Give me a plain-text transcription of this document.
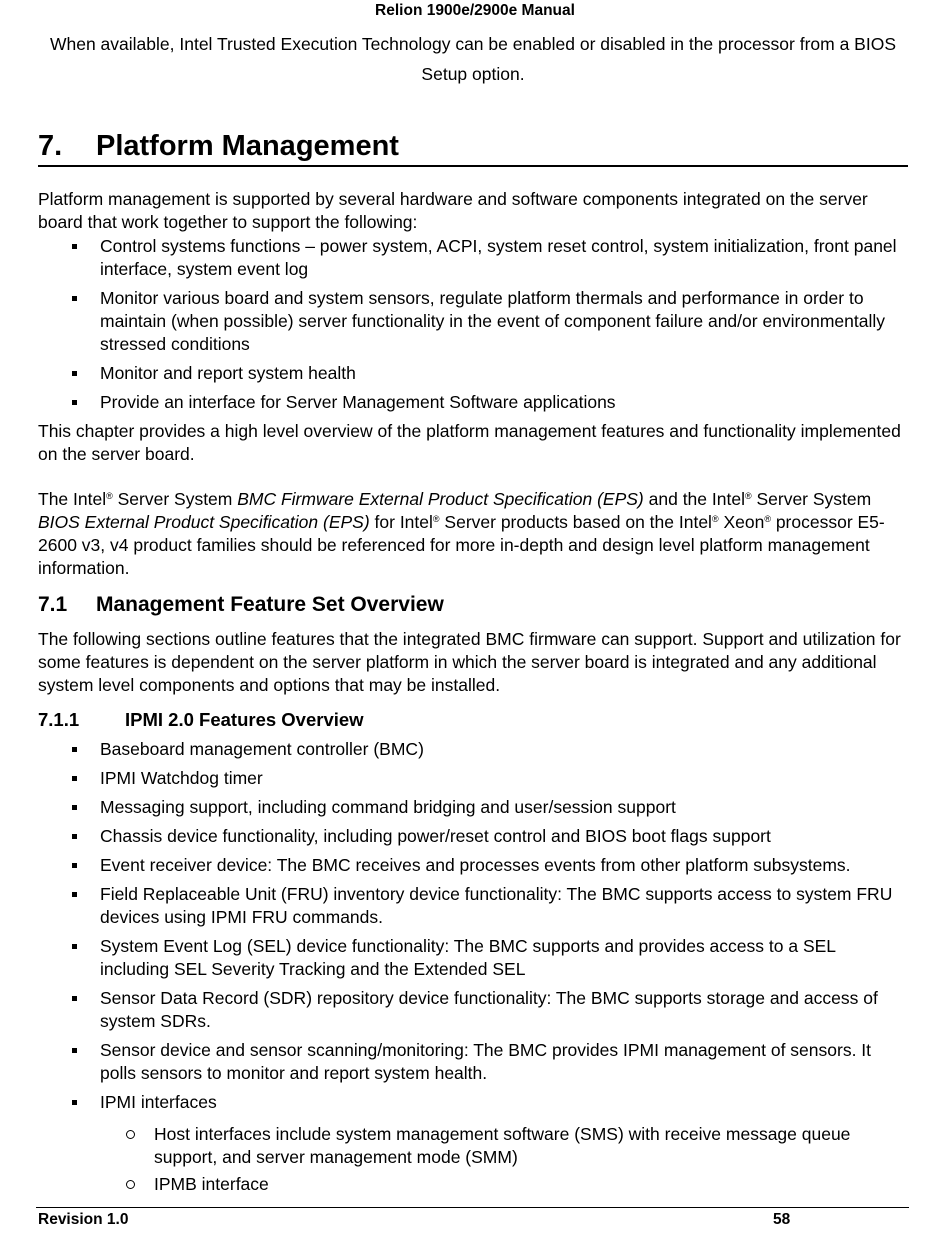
Relion 1900e/2900e Manual
When available, Intel Trusted Execution Technology can be enabled or disabled in the processor from a BIOS Setup option.
7. Platform Management

Platform management is supported by several hardware and software components integrated on the server board that work together to support the following:

Control systems functions – power system, ACPI, system reset control, system initialization, front panel interface, system event log
Monitor various board and system sensors, regulate platform thermals and performance in order to maintain (when possible) server functionality in the event of component failure and/or environmentally stressed conditions
Monitor and report system health
Provide an interface for Server Management Software applications

This chapter provides a high level overview of the platform management features and functionality implemented on the server board.

The Intel® Server System BMC Firmware External Product Specification (EPS) and the Intel® Server System BIOS External Product Specification (EPS) for Intel® Server products based on the Intel® Xeon® processor E5-2600 v3, v4 product families should be referenced for more in-depth and design level platform management information.

7.1 Management Feature Set Overview

The following sections outline features that the integrated BMC firmware can support. Support and utilization for some features is dependent on the server platform in which the server board is integrated and any additional system level components and options that may be installed.

7.1.1 IPMI 2.0 Features Overview
Baseboard management controller (BMC)
IPMI Watchdog timer
Messaging support, including command bridging and user/session support
Chassis device functionality, including power/reset control and BIOS boot flags support
Event receiver device: The BMC receives and processes events from other platform subsystems.
Field Replaceable Unit (FRU) inventory device functionality: The BMC supports access to system FRU devices using IPMI FRU commands.
System Event Log (SEL) device functionality: The BMC supports and provides access to a SEL including SEL Severity Tracking and the Extended SEL
Sensor Data Record (SDR) repository device functionality: The BMC supports storage and access of system SDRs.
Sensor device and sensor scanning/monitoring: The BMC provides IPMI management of sensors. It polls sensors to monitor and report system health.
IPMI interfaces
Host interfaces include system management software (SMS) with receive message queue support, and server management mode (SMM)
IPMB interface
Revision 1.0	58
